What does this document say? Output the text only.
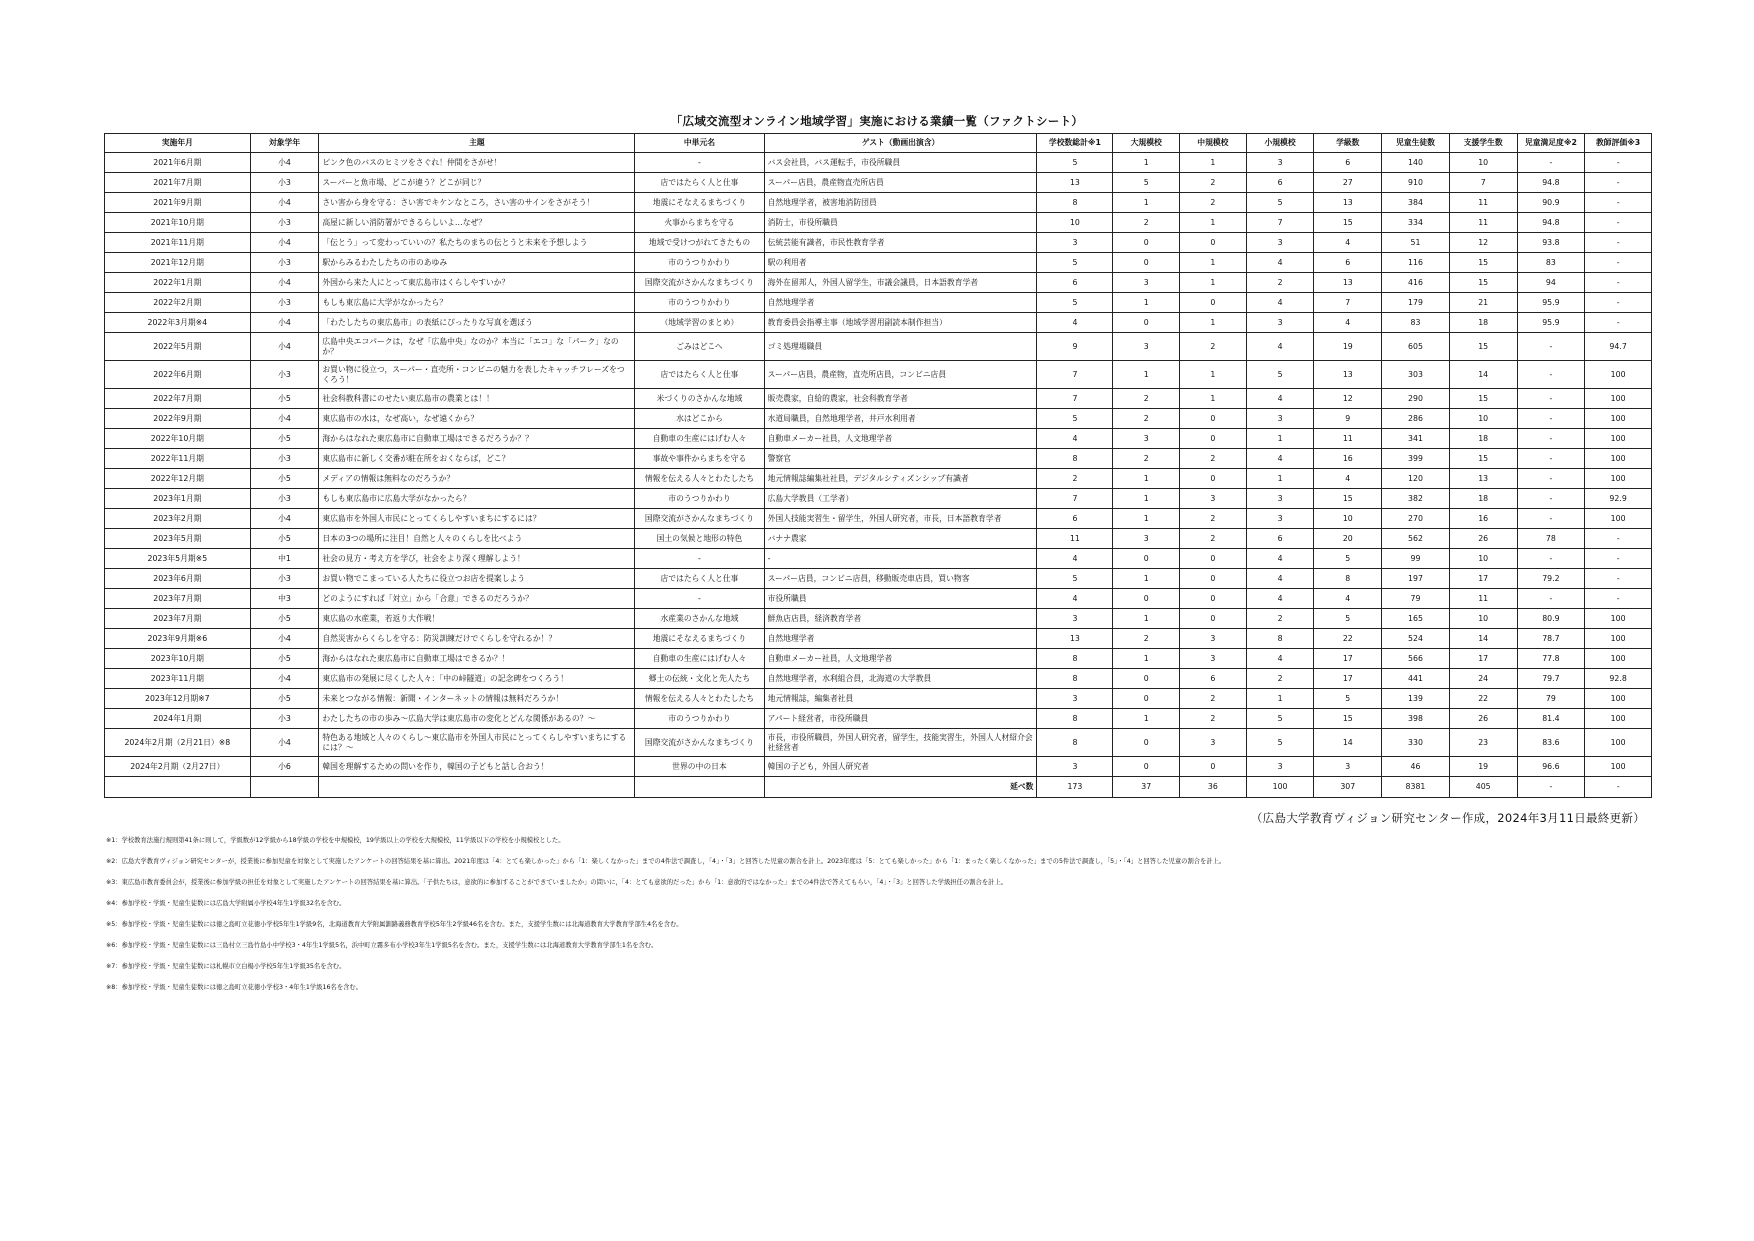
「広域交流型オンライン地域学習」実施における業績一覧（ファクトシート）
実施年月	対象学年	主題	中単元名	ゲスト（動画出演含）	学校数総計※1	大規模校	中規模校	小規模校	学級数	児童生徒数	支援学生数	児童満足度※2	教師評価※3
2021年6月期	小4	ピンク色のバスのヒミツをさぐれ！仲間をさがせ！	-	バス会社員，バス運転手，市役所職員	5	1	1	3	6	140	10	-	-
2021年7月期	小3	スーパーと魚市場、どこが違う？どこが同じ？	店ではたらく人と仕事	スーパー店員，農産物直売所店員	13	5	2	6	27	910	7	94.8	-
2021年9月期	小4	さい害から身を守る：さい害でキケンなところ，さい害のサインをさがそう！	地震にそなえるまちづくり	自然地理学者，被害地消防団員	8	1	2	5	13	384	11	90.9	-
2021年10月期	小3	高屋に新しい消防署ができるらしいよ…なぜ？	火事からまちを守る	消防士，市役所職員	10	2	1	7	15	334	11	94.8	-
2021年11月期	小4	「伝とう」って変わっていいの？私たちのまちの伝とうと未来を予想しよう	地域で受けつがれてきたもの	伝統芸能有識者，市民性教育学者	3	0	0	3	4	51	12	93.8	-
2021年12月期	小3	駅からみるわたしたちの市のあゆみ	市のうつりかわり	駅の利用者	5	0	1	4	6	116	15	83	-
2022年1月期	小4	外国から来た人にとって東広島市はくらしやすいか？	国際交流がさかんなまちづくり	海外在留邦人，外国人留学生，市議会議員，日本語教育学者	6	3	1	2	13	416	15	94	-
2022年2月期	小3	もしも東広島に大学がなかったら？	市のうつりかわり	自然地理学者	5	1	0	4	7	179	21	95.9	-
2022年3月期※4	小4	「わたしたちの東広島市」の表紙にぴったりな写真を選ぼう	（地域学習のまとめ）	教育委員会指導主事（地域学習用副読本制作担当）	4	0	1	3	4	83	18	95.9	-
2022年5月期	小4	広島中央エコパークは，なぜ「広島中央」なのか？本当に「エコ」な「パーク」なのか？	ごみはどこへ	ゴミ処理場職員	9	3	2	4	19	605	15	-	94.7
2022年6月期	小3	お買い物に役立つ，スーパー・直売所・コンビニの魅力を表したキャッチフレーズをつくろう！	店ではたらく人と仕事	スーパー店員，農産物，直売所店員，コンビニ店員	7	1	1	5	13	303	14	-	100
2022年7月期	小5	社会科教科書にのせたい東広島市の農業とは！！	米づくりのさかんな地域	販売農家，自給的農家，社会科教育学者	7	2	1	4	12	290	15	-	100
2022年9月期	小4	東広島市の水は，なぜ高い，なぜ遠くから？	水はどこから	水道局職員，自然地理学者，井戸水利用者	5	2	0	3	9	286	10	-	100
2022年10月期	小5	海からはなれた東広島市に自動車工場はできるだろうか？？	自動車の生産にはげむ人々	自動車メーカー社員，人文地理学者	4	3	0	1	11	341	18	-	100
2022年11月期	小3	東広島市に新しく交番が駐在所をおくならば，どこ？	事故や事件からまちを守る	警察官	8	2	2	4	16	399	15	-	100
2022年12月期	小5	メディアの情報は無料なのだろうか？	情報を伝える人々とわたしたち	地元情報誌編集社社員，デジタルシティズンシップ有識者	2	1	0	1	4	120	13	-	100
2023年1月期	小3	もしも東広島市に広島大学がなかったら？	市のうつりかわり	広島大学教員（工学者）	7	1	3	3	15	382	18	-	92.9
2023年2月期	小4	東広島市を外国人市民にとってくらしやすいまちにするには？	国際交流がさかんなまちづくり	外国人技能実習生・留学生，外国人研究者，市長，日本語教育学者	6	1	2	3	10	270	16	-	100
2023年5月期	小5	日本の3つの場所に注目！自然と人々のくらしを比べよう	国土の気候と地形の特色	バナナ農家	11	3	2	6	20	562	26	78	-
2023年5月期※5	中1	社会の見方・考え方を学び，社会をより深く理解しよう！	-	-	4	0	0	4	5	99	10	-	-
2023年6月期	小3	お買い物でこまっている人たちに役立つお店を提案しよう	店ではたらく人と仕事	スーパー店員，コンビニ店員，移動販売車店員，買い物客	5	1	0	4	8	197	17	79.2	-
2023年7月期	中3	どのようにすれば「対立」から「合意」できるのだろうか？	-	市役所職員	4	0	0	4	4	79	11	-	-
2023年7月期	小5	東広島の水産業，若返り大作戦！	水産業のさかんな地域	鮮魚店店員，経済教育学者	3	1	0	2	5	165	10	80.9	100
2023年9月期※6	小4	自然災害からくらしを守る：防災訓練だけでくらしを守れるか！？	地震にそなえるまちづくり	自然地理学者	13	2	3	8	22	524	14	78.7	100
2023年10月期	小5	海からはなれた東広島市に自動車工場はできるか？！	自動車の生産にはげむ人々	自動車メーカー社員，人文地理学者	8	1	3	4	17	566	17	77.8	100
2023年11月期	小4	東広島市の発展に尽くした人々：「中の峠隧道」の記念碑をつくろう！	郷土の伝統・文化と先人たち	自然地理学者，水利組合員，北海道の大学教員	8	0	6	2	17	441	24	79.7	92.8
2023年12月期※7	小5	未来とつながる情報：新聞・インターネットの情報は無料だろうか！	情報を伝える人々とわたしたち	地元情報誌，編集者社員	3	0	2	1	5	139	22	79	100
2024年1月期	小3	わたしたちの市の歩み～広島大学は東広島市の変化とどんな関係があるの？～	市のうつりかわり	アパート経営者，市役所職員	8	1	2	5	15	398	26	81.4	100
2024年2月期（2月21日）※8	小4	特色ある地域と人々のくらし～東広島市を外国人市民にとってくらしやすいまちにするには？～	国際交流がさかんなまちづくり	市長，市役所職員，外国人研究者，留学生，技能実習生，外国人人材紹介会社経営者	8	0	3	5	14	330	23	83.6	100
2024年2月期（2月27日）	小6	韓国を理解するための問いを作り，韓国の子どもと話し合おう！	世界の中の日本	韓国の子ども，外国人研究者	3	0	0	3	3	46	19	96.6	100
				延べ数	173	37	36	100	307	8381	405	-	-
（広島大学教育ヴィジョン研究センター作成，2024年3月11日最終更新）
※1：学校教育法施行規則第41条に則して，学級数が12学級から18学級の学校を中規模校，19学級以上の学校を大規模校，11学級以下の学校を小規模校とした。
※2：広島大学教育ヴィジョン研究センターが，授業後に参加児童を対象として実施したアンケートの回答結果を基に算出。2021年度は「4：とても楽しかった」から「1：楽しくなかった」までの4件法で調査し，「4」・「3」と回答した児童の割合を計上。2023年度は「5：とても楽しかった」から「1：まったく楽しくなかった」までの5件法で調査し，「5」・「4」と回答した児童の割合を計上。
※3：東広島市教育委員会が，授業後に参加学級の担任を対象として実施したアンケートの回答結果を基に算出。「子供たちは，意欲的に参加することができていましたか」の問いに，「4：とても意欲的だった」から「1：意欲的ではなかった」までの4件法で答えてもらい，「4」・「3」と回答した学級担任の割合を計上。
※4：参加学校・学級・児童生徒数には広島大学附属小学校4年生1学級32名を含む。
※5：参加学校・学級・児童生徒数には徳之島町立花徳小学校5年生1学級9名，北海道教育大学附属釧路義務教育学校5年生2学級46名を含む。また，支援学生数には北海道教育大学教育学部生4名を含む。
※6：参加学校・学級・児童生徒数には三島村立三島竹島小中学校3・4年生1学級5名，浜中町立霧多布小学校3年生1学級5名を含む。また，支援学生数には北海道教育大学教育学部生1名を含む。
※7：参加学校・学級・児童生徒数には札幌市立白楊小学校5年生1学級35名を含む。
※8：参加学校・学級・児童生徒数には徳之島町立花徳小学校3・4年生1学級16名を含む。
